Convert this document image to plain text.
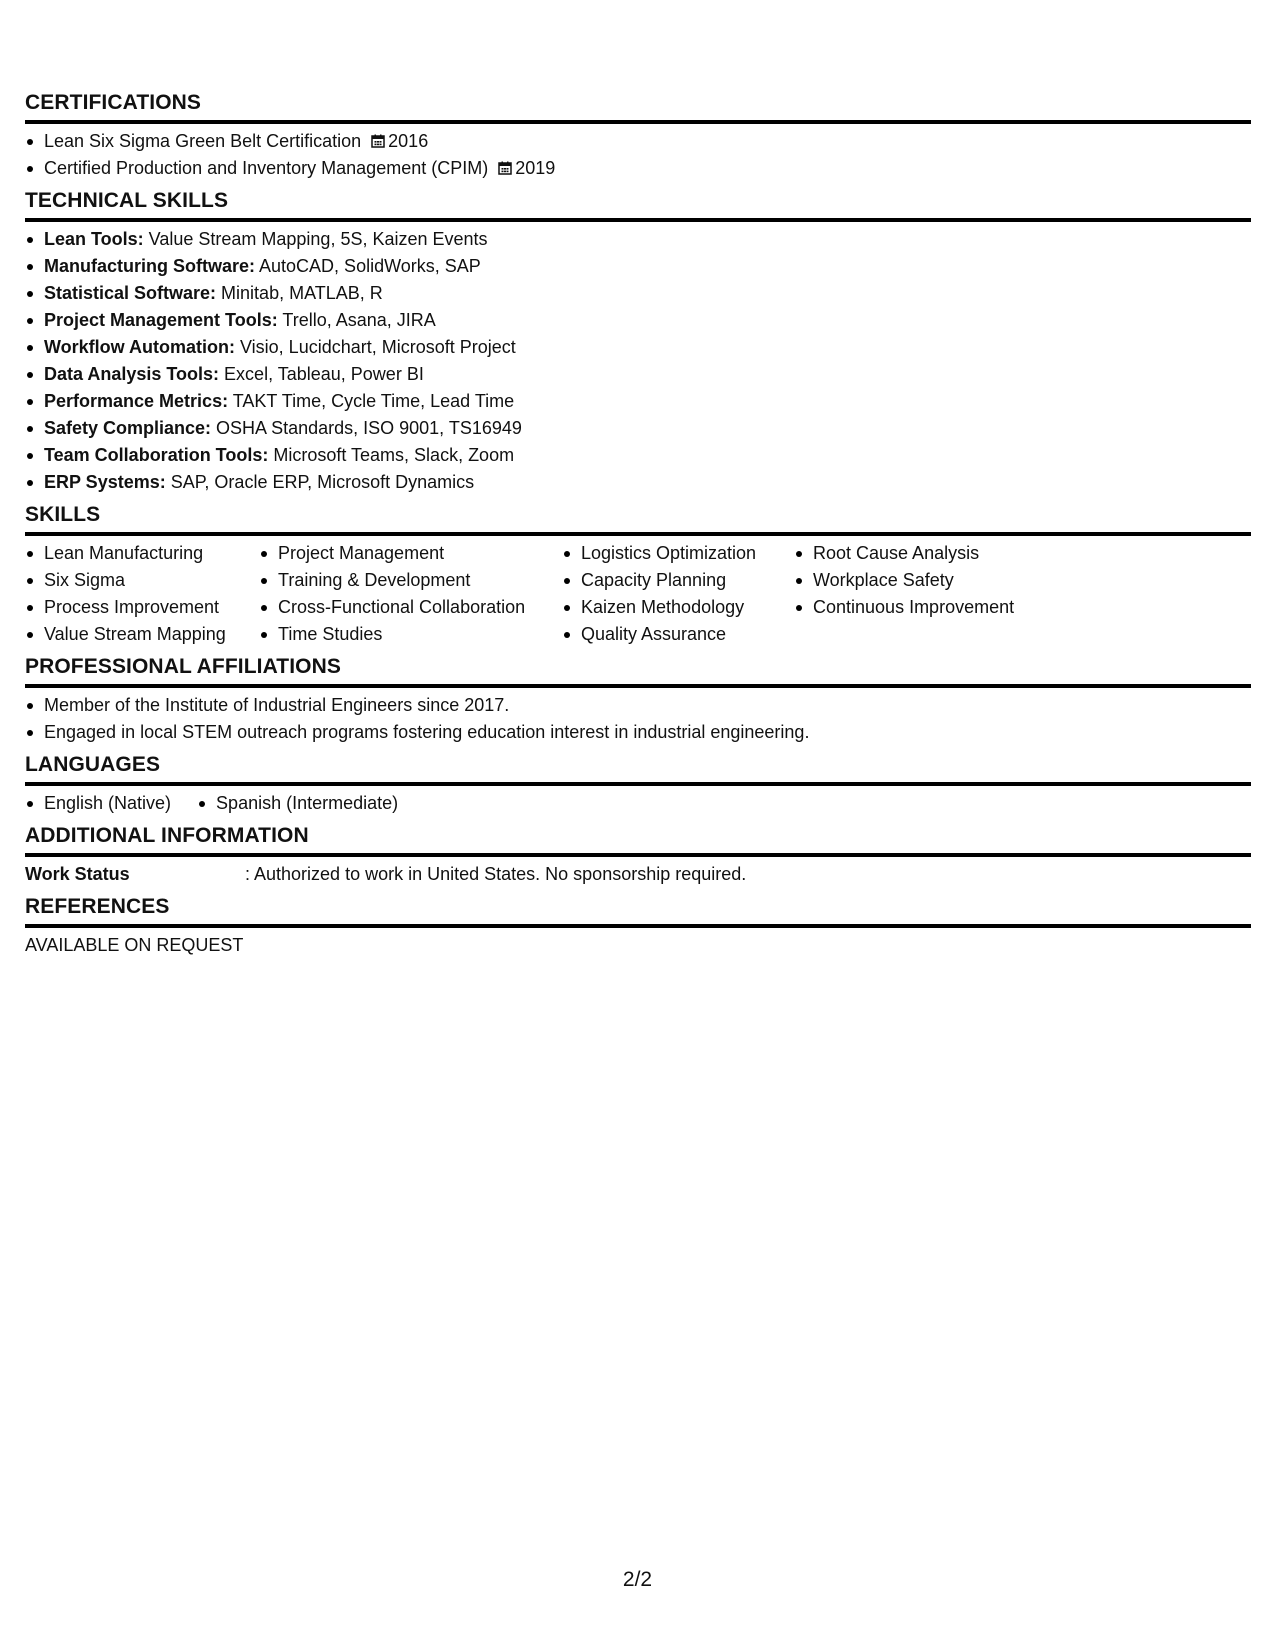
CERTIFICATIONS
Lean Six Sigma Green Belt Certification 2016
Certified Production and Inventory Management (CPIM) 2019
TECHNICAL SKILLS
Lean Tools: Value Stream Mapping, 5S, Kaizen Events
Manufacturing Software: AutoCAD, SolidWorks, SAP
Statistical Software: Minitab, MATLAB, R
Project Management Tools: Trello, Asana, JIRA
Workflow Automation: Visio, Lucidchart, Microsoft Project
Data Analysis Tools: Excel, Tableau, Power BI
Performance Metrics: TAKT Time, Cycle Time, Lead Time
Safety Compliance: OSHA Standards, ISO 9001, TS16949
Team Collaboration Tools: Microsoft Teams, Slack, Zoom
ERP Systems: SAP, Oracle ERP, Microsoft Dynamics
SKILLS
Lean Manufacturing
Six Sigma
Process Improvement
Value Stream Mapping
Project Management
Training & Development
Cross-Functional Collaboration
Time Studies
Logistics Optimization
Capacity Planning
Kaizen Methodology
Quality Assurance
Root Cause Analysis
Workplace Safety
Continuous Improvement
PROFESSIONAL AFFILIATIONS
Member of the Institute of Industrial Engineers since 2017.
Engaged in local STEM outreach programs fostering education interest in industrial engineering.
LANGUAGES
English (Native)	Spanish (Intermediate)
ADDITIONAL INFORMATION
Work Status	: Authorized to work in United States. No sponsorship required.
REFERENCES
AVAILABLE ON REQUEST
2/2
